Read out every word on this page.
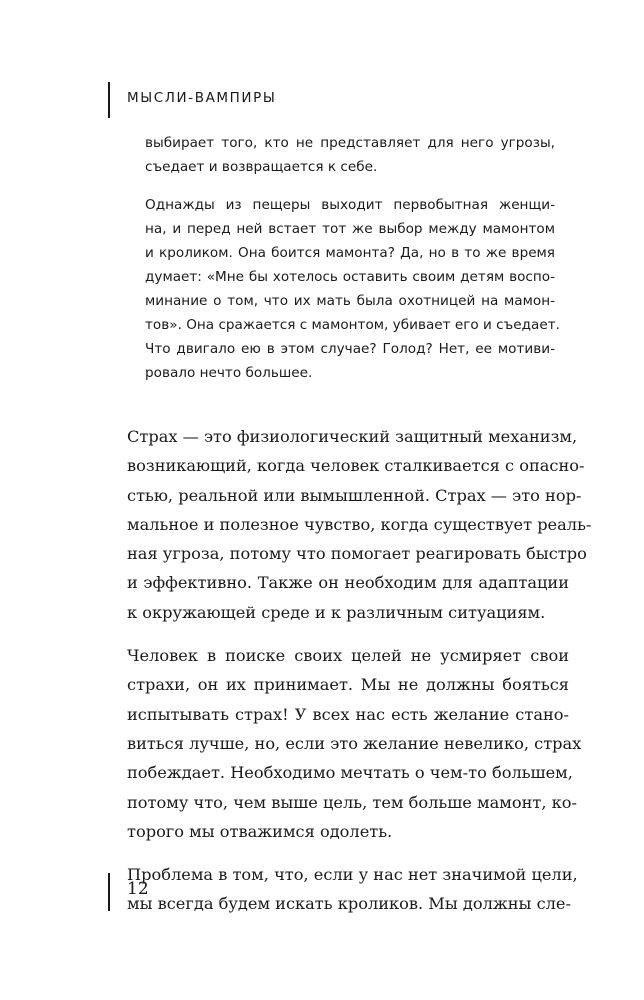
МЫСЛИ-ВАМПИРЫ

выбирает того, кто не представляет для него угрозы,
съедает и возвращается к себе.

Однажды из пещеры выходит первобытная женщи-
на, и перед ней встает тот же выбор между мамонтом
и кроликом. Она боится мамонта? Да, но в то же время
думает: «Мне бы хотелось оставить своим детям воспо-
минание о том, что их мать была охотницей на мамон-
тов». Она сражается с мамонтом, убивает его и съедает.
Что двигало ею в этом случае? Голод? Нет, ее мотиви-
ровало нечто большее.

Страх — это физиологический защитный механизм,
возникающий, когда человек сталкивается с опасно-
стью, реальной или вымышленной. Страх — это нор-
мальное и полезное чувство, когда существует реаль-
ная угроза, потому что помогает реагировать быстро
и эффективно. Также он необходим для адаптации
к окружающей среде и к различным ситуациям.

Человек в поиске своих целей не усмиряет свои
страхи, он их принимает. Мы не должны бояться
испытывать страх! У всех нас есть желание стано-
виться лучше, но, если это желание невелико, страх
побеждает. Необходимо мечтать о чем-то большем,
потому что, чем выше цель, тем больше мамонт, ко-
торого мы отважимся одолеть.

Проблема в том, что, если у нас нет значимой цели,
мы всегда будем искать кроликов. Мы должны сле-

12
